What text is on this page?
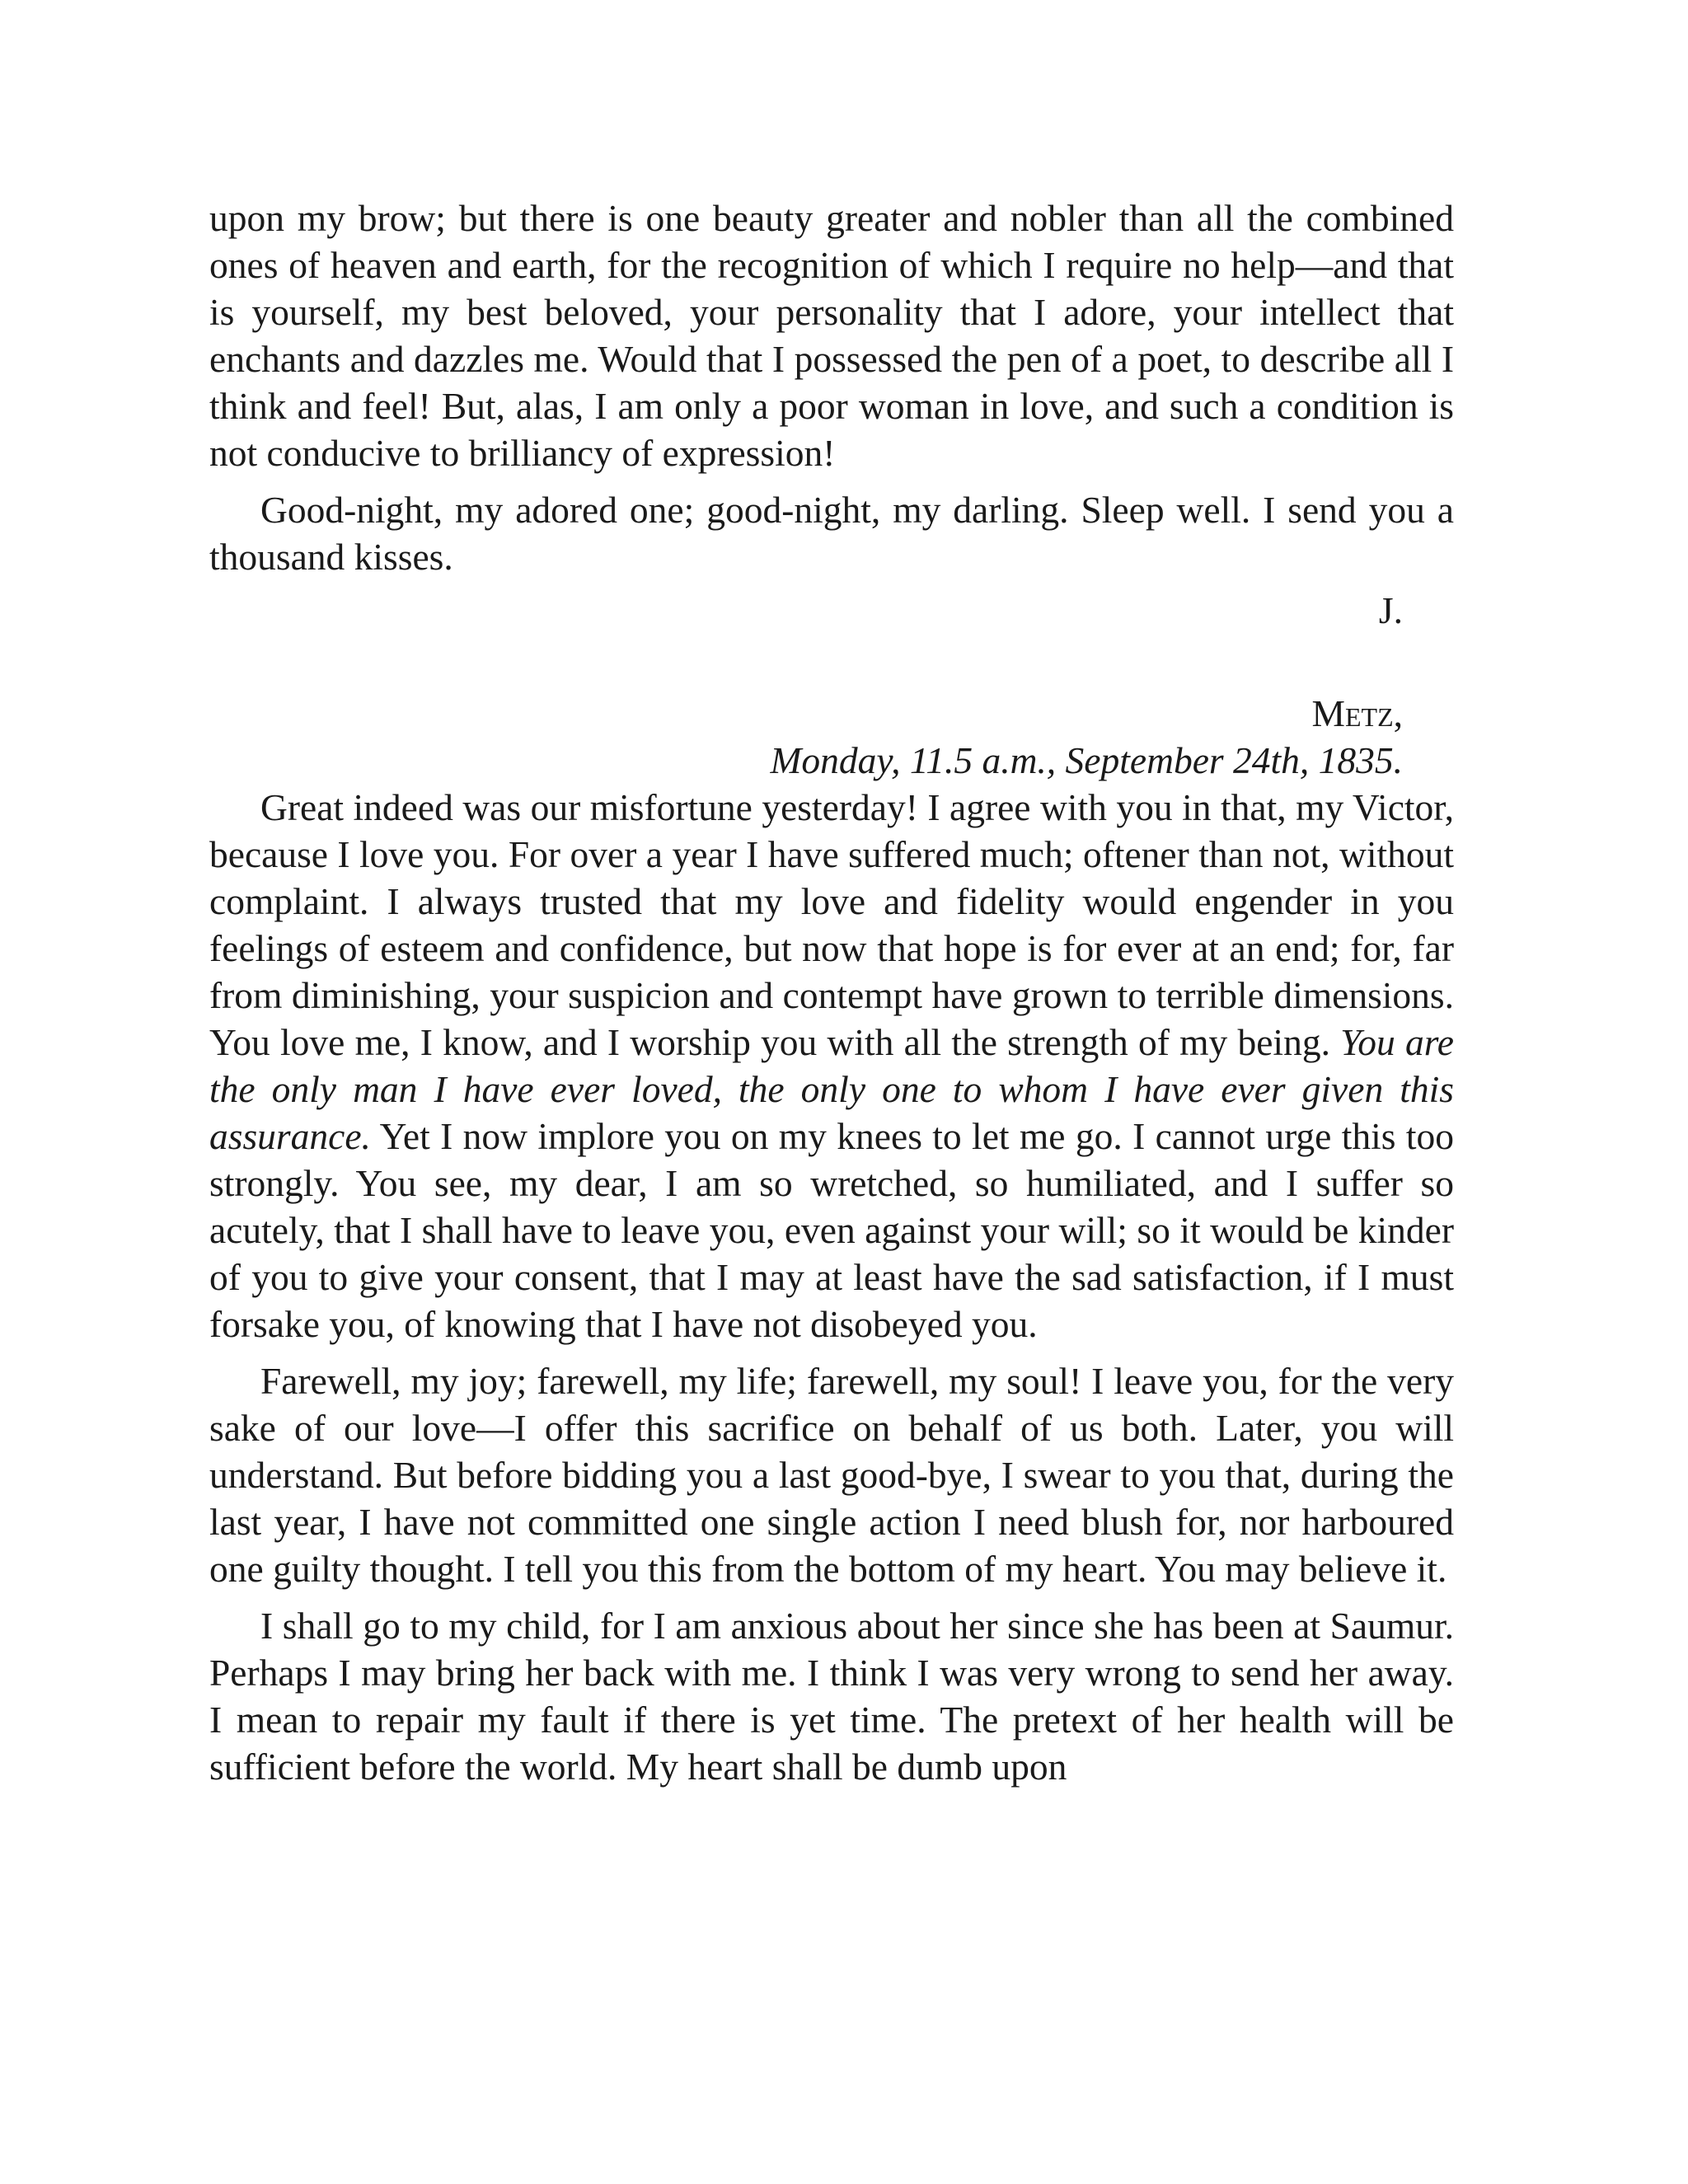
upon my brow; but there is one beauty greater and nobler than all the combined ones of heaven and earth, for the recognition of which I require no help—and that is yourself, my best beloved, your personality that I adore, your intellect that enchants and dazzles me. Would that I possessed the pen of a poet, to describe all I think and feel! But, alas, I am only a poor woman in love, and such a condition is not conducive to brilliancy of expression!

Good-night, my adored one; good-night, my darling. Sleep well. I send you a thousand kisses.

J.

Metz,

Monday, 11.5 a.m., September 24th, 1835.

Great indeed was our misfortune yesterday! I agree with you in that, my Victor, because I love you. For over a year I have suffered much; oftener than not, without complaint. I always trusted that my love and fidelity would engender in you feelings of esteem and confidence, but now that hope is for ever at an end; for, far from diminishing, your suspicion and contempt have grown to terrible dimensions. You love me, I know, and I worship you with all the strength of my being. You are the only man I have ever loved, the only one to whom I have ever given this assurance. Yet I now implore you on my knees to let me go. I cannot urge this too strongly. You see, my dear, I am so wretched, so humiliated, and I suffer so acutely, that I shall have to leave you, even against your will; so it would be kinder of you to give your consent, that I may at least have the sad satisfaction, if I must forsake you, of knowing that I have not disobeyed you.

Farewell, my joy; farewell, my life; farewell, my soul! I leave you, for the very sake of our love—I offer this sacrifice on behalf of us both. Later, you will understand. But before bidding you a last good-bye, I swear to you that, during the last year, I have not committed one single action I need blush for, nor harboured one guilty thought. I tell you this from the bottom of my heart. You may believe it.

I shall go to my child, for I am anxious about her since she has been at Saumur. Perhaps I may bring her back with me. I think I was very wrong to send her away. I mean to repair my fault if there is yet time. The pretext of her health will be sufficient before the world. My heart shall be dumb upon
